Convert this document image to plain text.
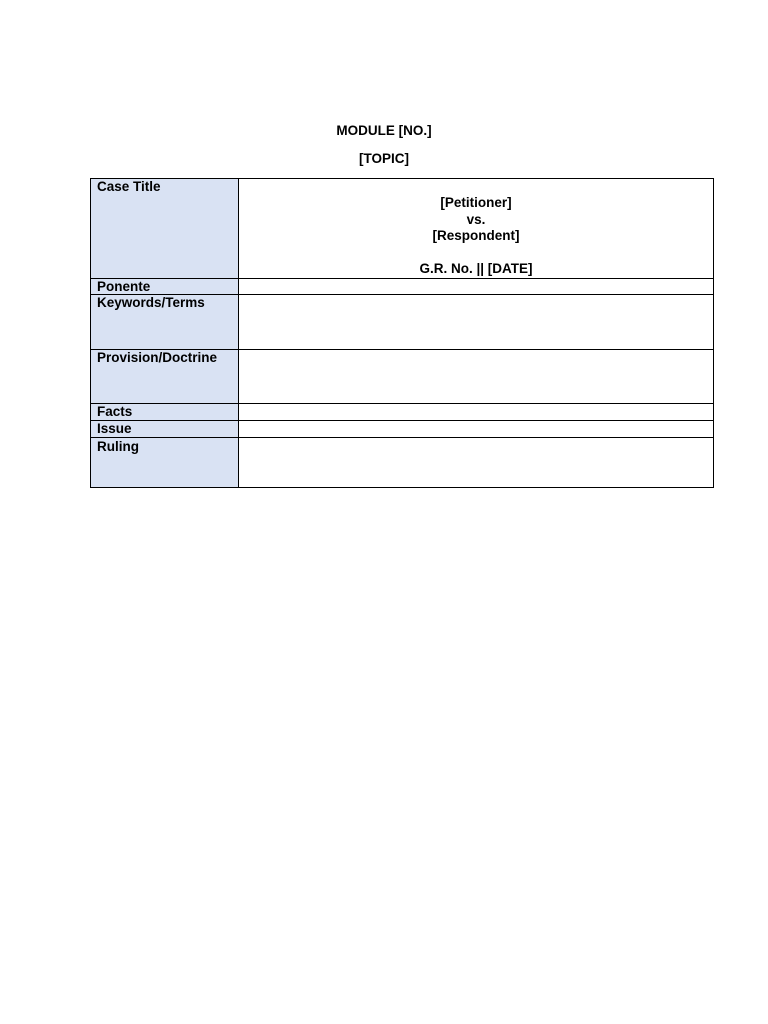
MODULE [NO.]
[TOPIC]
Case Title	[Petitioner]
vs.
[Respondent]
G.R. No. || [DATE]

Ponente	
Keywords/Terms	
Provision/Doctrine	
Facts	
Issue	
Ruling	
